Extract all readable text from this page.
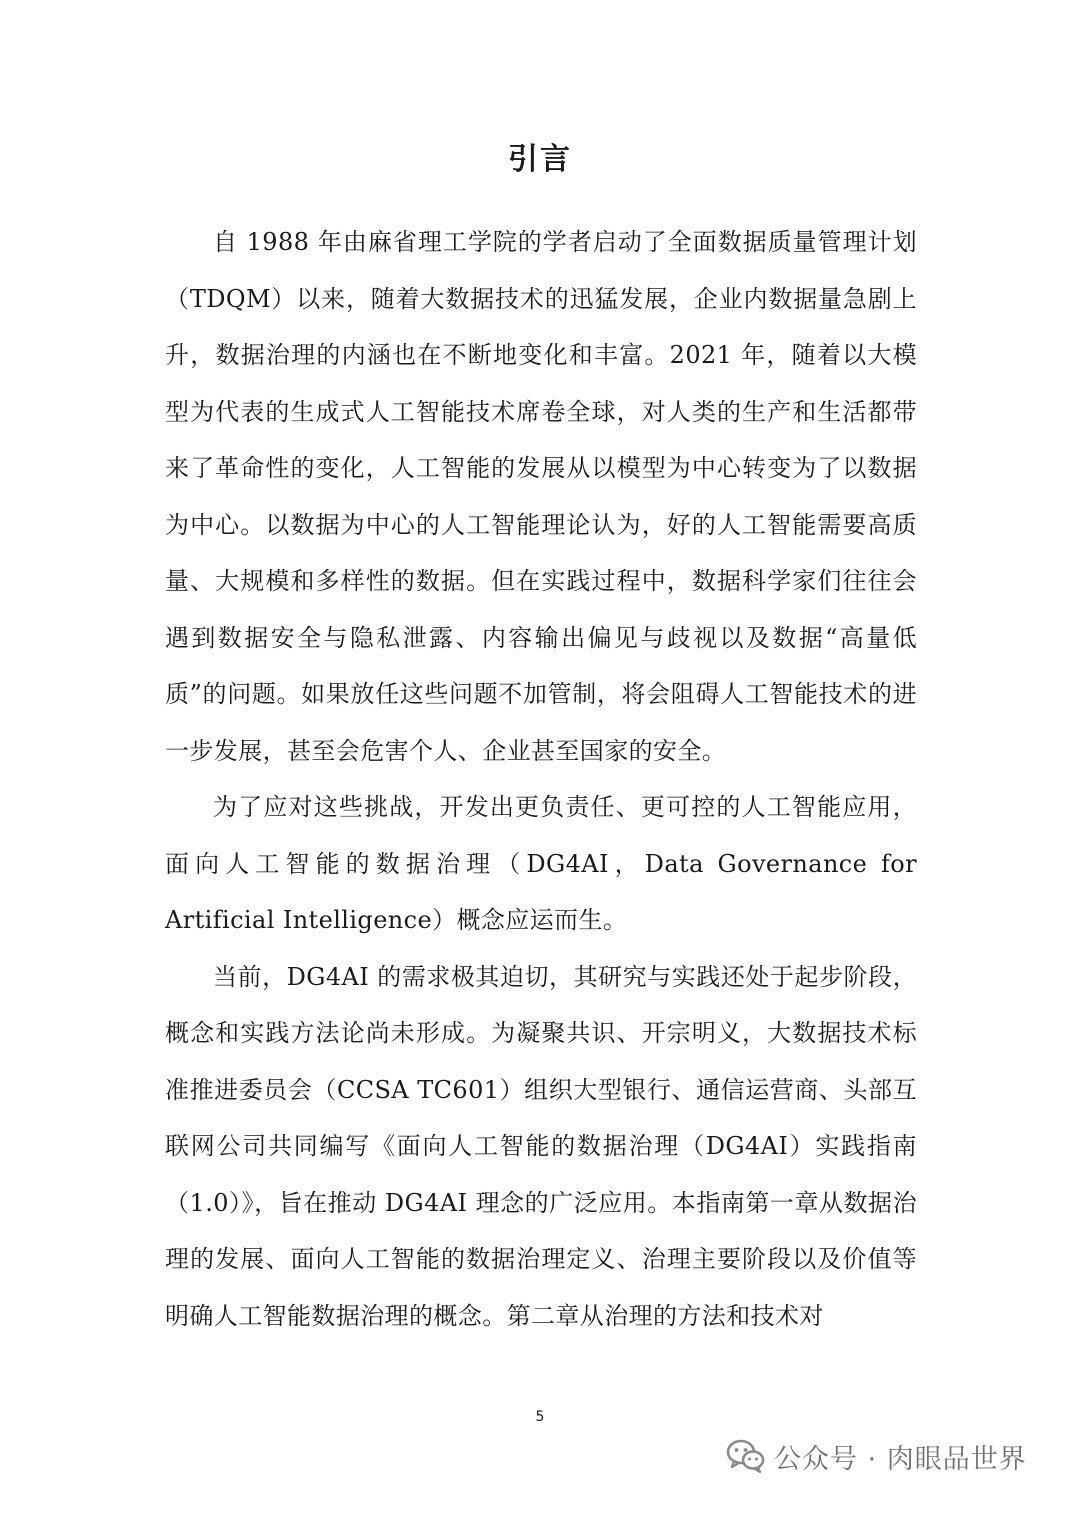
引言

自 1988 年由麻省理工学院的学者启动了全面数据质量管理计划（TDQM）以来，随着大数据技术的迅猛发展，企业内数据量急剧上升，数据治理的内涵也在不断地变化和丰富。2021 年，随着以大模型为代表的生成式人工智能技术席卷全球，对人类的生产和生活都带来了革命性的变化，人工智能的发展从以模型为中心转变为了以数据为中心。以数据为中心的人工智能理论认为，好的人工智能需要高质量、大规模和多样性的数据。但在实践过程中，数据科学家们往往会遇到数据安全与隐私泄露、内容输出偏见与歧视以及数据“高量低质”的问题。如果放任这些问题不加管制，将会阻碍人工智能技术的进一步发展，甚至会危害个人、企业甚至国家的安全。

为了应对这些挑战，开发出更负责任、更可控的人工智能应用，面向人工智能的数据治理（DG4AI，Data Governance for Artificial Intelligence）概念应运而生。

当前，DG4AI 的需求极其迫切，其研究与实践还处于起步阶段，概念和实践方法论尚未形成。为凝聚共识、开宗明义，大数据技术标准推进委员会（CCSA TC601）组织大型银行、通信运营商、头部互联网公司共同编写《面向人工智能的数据治理（DG4AI）实践指南（1.0）》，旨在推动 DG4AI 理念的广泛应用。本指南第一章从数据治理的发展、面向人工智能的数据治理定义、治理主要阶段以及价值等明确人工智能数据治理的概念。第二章从治理的方法和技术对

5
公众号 · 肉眼品世界
